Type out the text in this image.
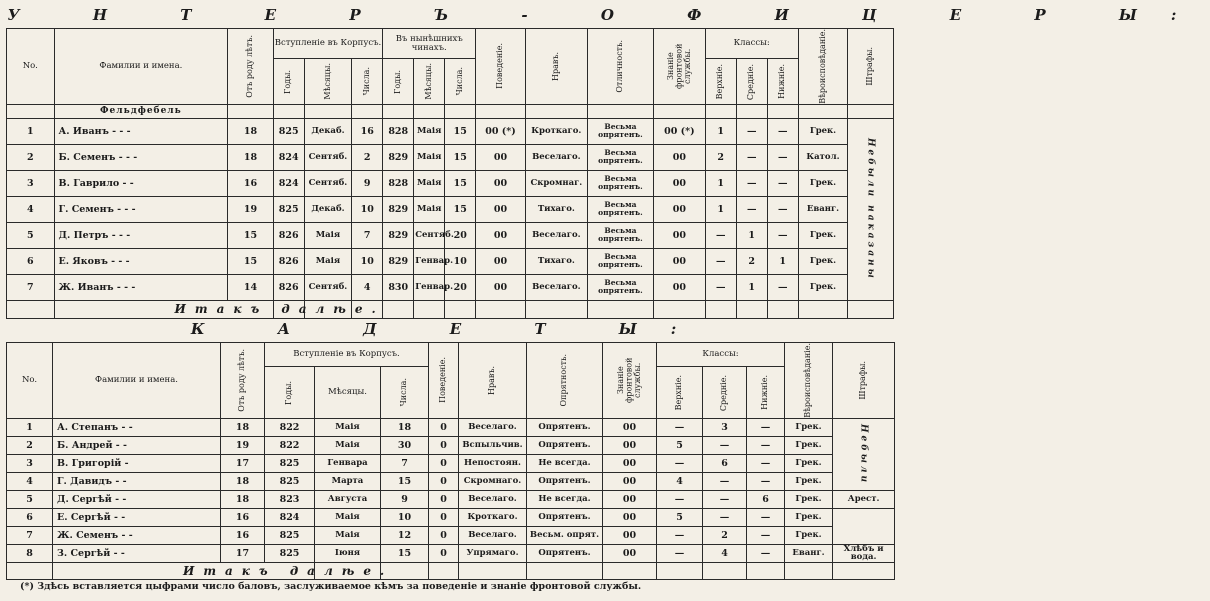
У Н Т Е Р Ъ - О Ф И Ц Е Р Ы:																	
No.	Фамилии и имена.	Отъ роду лѣтъ.	Вступленіе въ Корпусъ.			Въ нынѣшнихъ чинахъ.			Поведеніе.	Нравъ.	Отличность.	Знаніе фронтовой службы.	Классы:			Вѣроисповѣданіе.	Штрафы.

			Годы.	Мѣсяцы.	Числа.	Годы.	Мѣсяцы.	Числа.					Верхніе.	Средніе.	Нижніе.		

	Фельдфебель																
1	А. Иванъ - - -	18	825	Декаб.	16	828	Маія	15	00 (*)	Кроткаго.	Весьма опрятенъ.	00 (*)	1	—	—	Грек.	Небыли наказаны

2	Б. Семенъ - - -	18	824	Сентяб.	2	829	Маія	15	00	Веселаго.	Весьма опрятенъ.	00	2	—	—	Катол.	
3	В. Гаврило - -	16	824	Сентяб.	9	828	Маія	15	00	Скромнаг.	Весьма опрятенъ.	00	1	—	—	Грек.	
4	Г. Семенъ - - -	19	825	Декаб.	10	829	Маія	15	00	Тихаго.	Весьма опрятенъ.	00	1	—	—	Еванг.	
5	Д. Петръ - - -	15	826	Маія	7	829	Сентяб.	20	00	Веселаго.	Весьма опрятенъ.	00	—	1	—	Грек.	
6	Е. Яковъ - - -	15	826	Маія	10	829	Генвар.	10	00	Тихаго.	Весьма опрятенъ.	00	—	2	1	Грек.	
7	Ж. Иванъ - - -	14	826	Сентяб.	4	830	Генвар.	20	00	Веселаго.	Весьма опрятенъ.	00	—	1	—	Грек.	
	Итакъ далѣе.																
К А Д Е Т Ы:														
No.	Фамилии и имена.	Отъ роду лѣтъ.	Вступленіе въ Корпусъ.			Поведеніе.	Нравъ.	Опрятность.	Знаніе фронтовой службы.	Классы:			Вѣроисповѣданіе.	Штрафы.

			Годы.	Мѣсяцы.	Числа.					Верхніе.	Средніе.	Нижніе.		

1	А. Степанъ - -	18	822	Маія	18	0	Веселаго.	Опрятенъ.	00	—	3	—	Грек.	Небыли

2	Б. Андрей - -	19	822	Маія	30	0	Вспыльчив.	Опрятенъ.	00	5	—	—	Грек.	
3	В. Григорій -	17	825	Генвара	7	0	Непостоян.	Не всегда.	00	—	6	—	Грек.	
4	Г. Давидъ - -	18	825	Марта	15	0	Скромнаго.	Опрятенъ.	00	4	—	—	Грек.	
5	Д. Сергѣй - -	18	823	Августа	9	0	Веселаго.	Не всегда.	00	—	—	6	Грек.	Арест.
6	Е. Сергѣй - -	16	824	Маія	10	0	Кроткаго.	Опрятенъ.	00	5	—	—	Грек.	
7	Ж. Семенъ - -	16	825	Маія	12	0	Веселаго.	Весьм. опрят.	00	—	2	—	Грек.	
8	З. Сергѣй - -	17	825	Іюня	15	0	Упрямаго.	Опрятенъ.	00	—	4	—	Еванг.	Хлѣбъ и вода.
	Итакъ далѣе.													
(*) Здѣсь вставляется цыфрами число баловъ, заслуживаемое кѣмъ за поведеніе и знаніе фронтовой службы.
